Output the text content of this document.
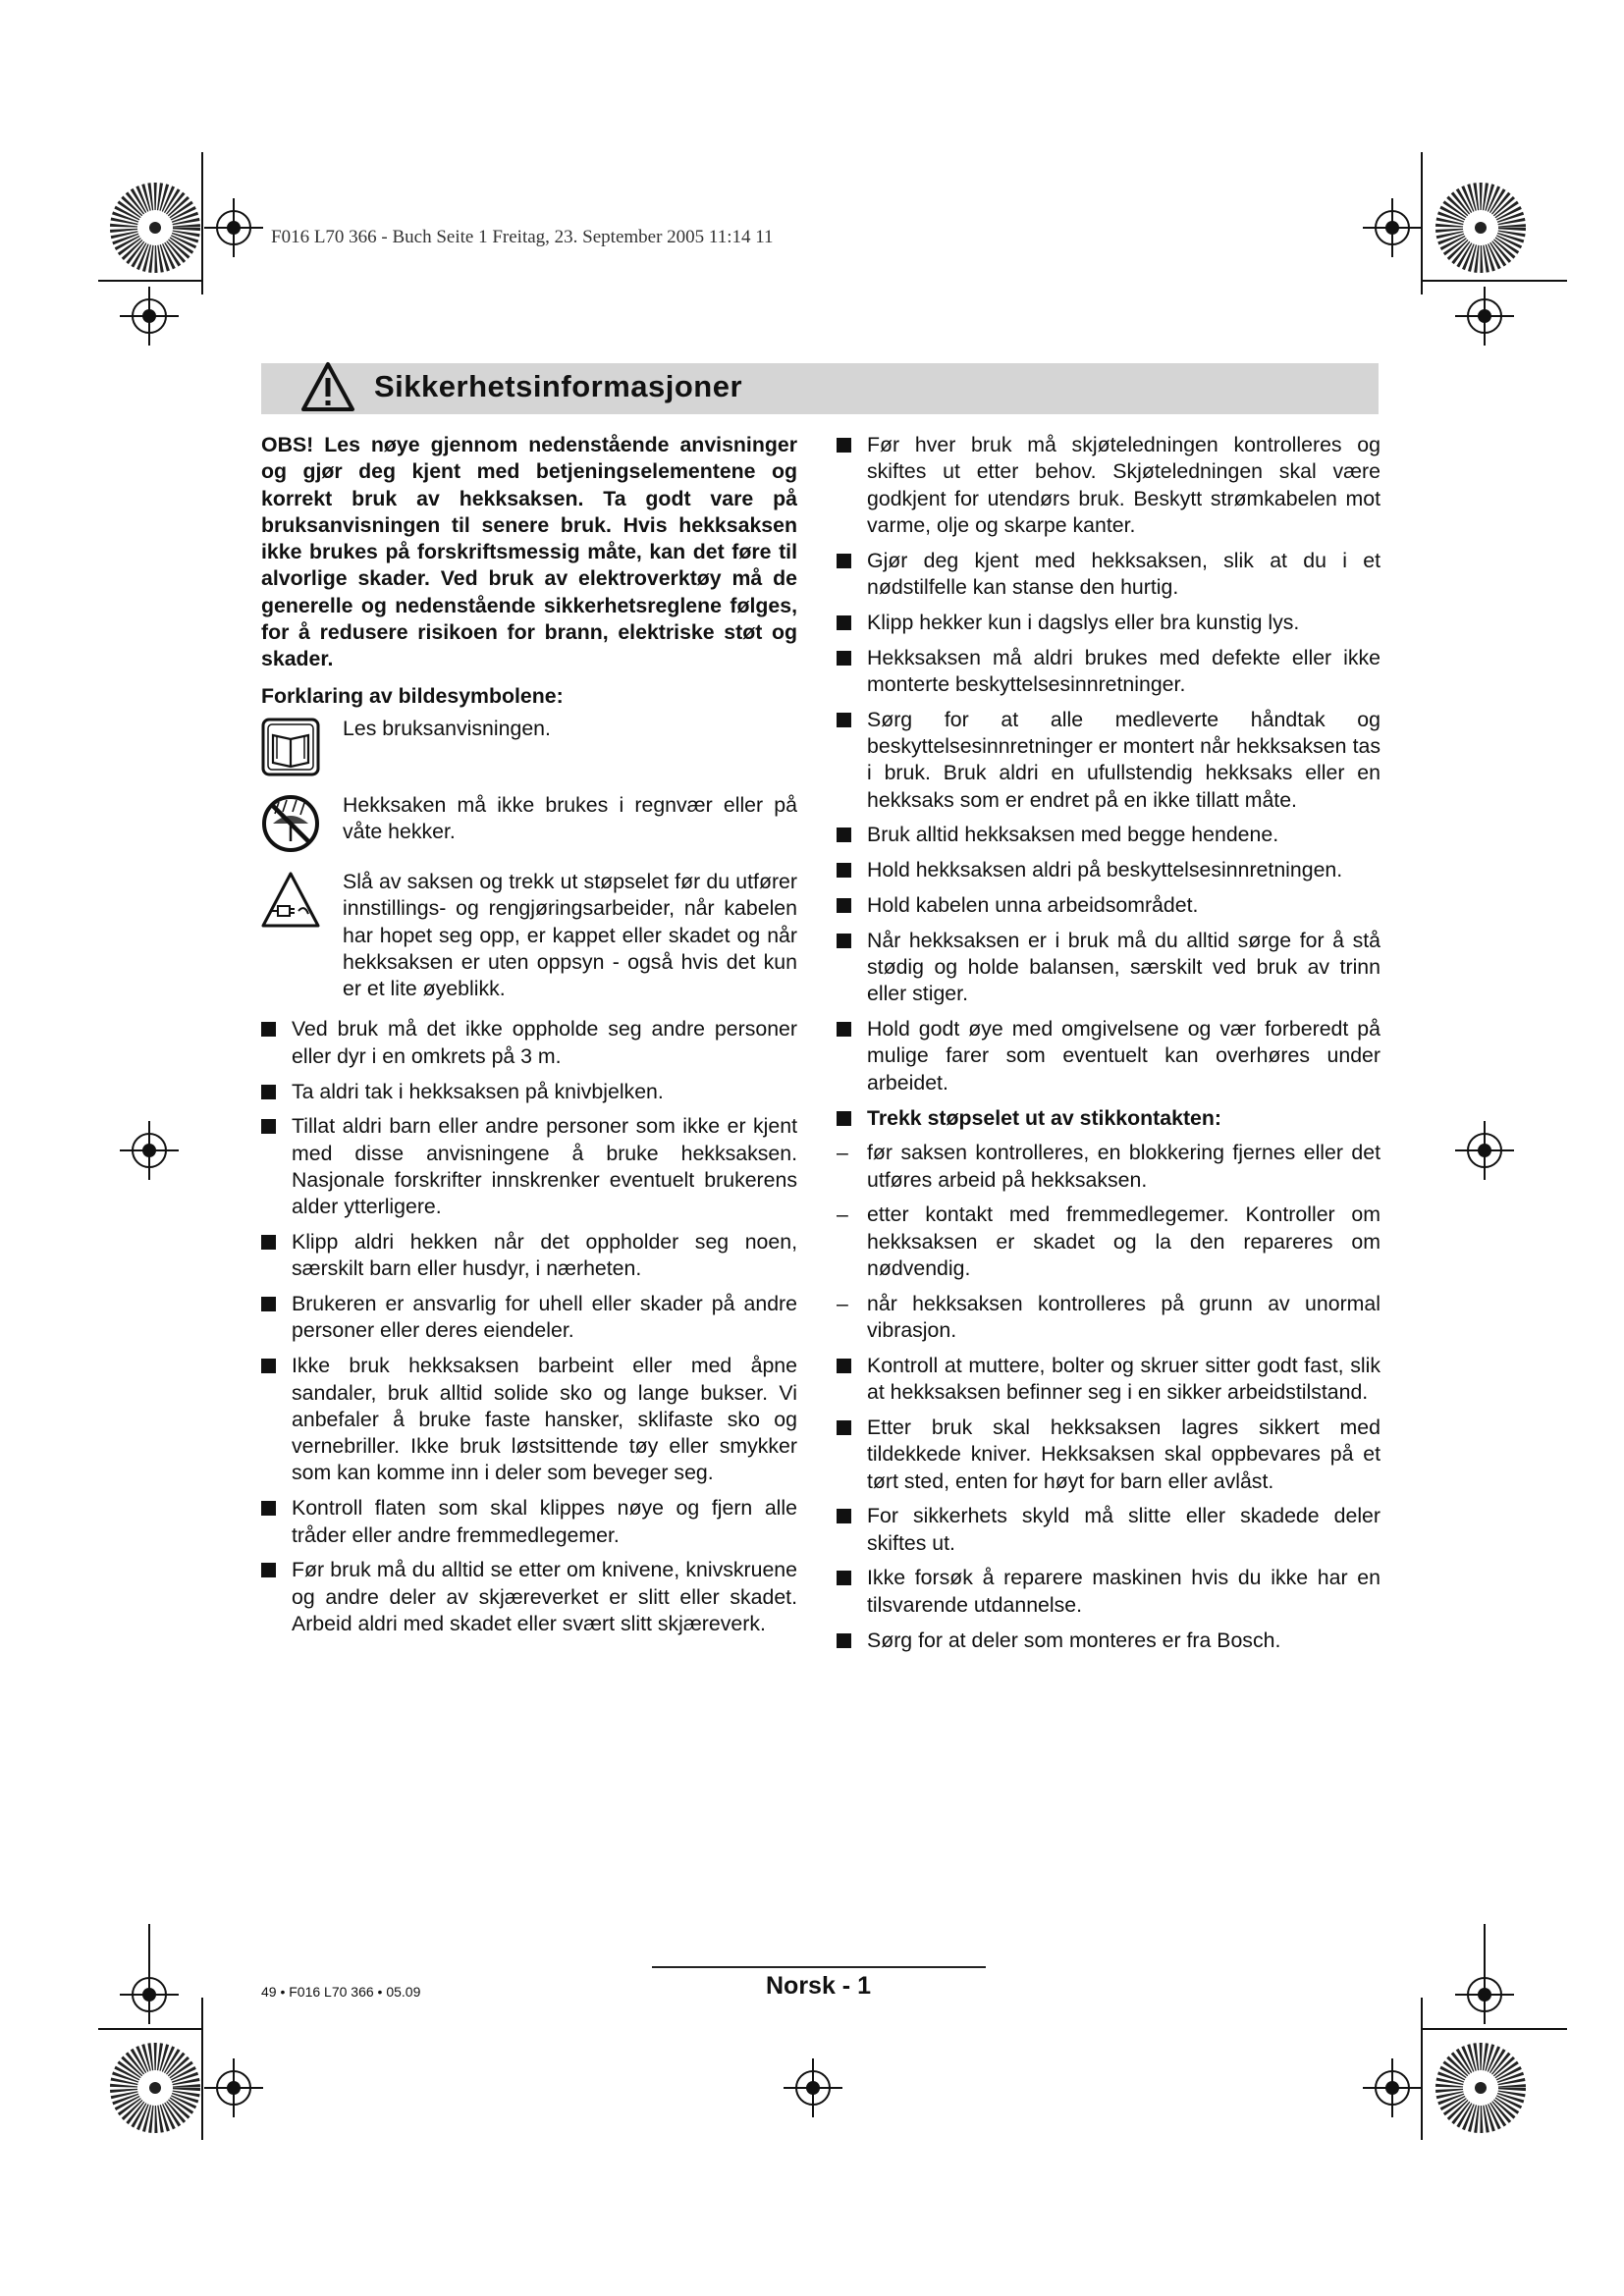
F016 L70 366 - Buch Seite 1 Freitag, 23. September 2005 11:14 11
Sikkerhetsinformasjoner

OBS! Les nøye gjennom nedenstående anvisninger og gjør deg kjent med betjeningselementene og korrekt bruk av hekksaksen. Ta godt vare på bruksanvisningen til senere bruk. Hvis hekksaksen ikke brukes på forskriftsmessig måte, kan det føre til alvorlige skader. Ved bruk av elektroverktøy må de generelle og nedenstående sikkerhetsreglene følges, for å redusere risikoen for brann, elektriske støt og skader.

Forklaring av bildesymbolene:
Les bruksanvisningen.
Hekksaken må ikke brukes i regnvær eller på våte hekker.
Slå av saksen og trekk ut støpselet før du utfører innstillings- og rengjøringsarbeider, når kabelen har hopet seg opp, er kappet eller skadet og når hekksaksen er uten oppsyn - også hvis det kun er et lite øyeblikk.
Ved bruk må det ikke oppholde seg andre personer eller dyr i en omkrets på 3 m.
Ta aldri tak i hekksaksen på knivbjelken.
Tillat aldri barn eller andre personer som ikke er kjent med disse anvisningene å bruke hekksaksen. Nasjonale forskrifter innskrenker eventuelt brukerens alder ytterligere.
Klipp aldri hekken når det oppholder seg noen, særskilt barn eller husdyr, i nærheten.
Brukeren er ansvarlig for uhell eller skader på andre personer eller deres eiendeler.
Ikke bruk hekksaksen barbeint eller med åpne sandaler, bruk alltid solide sko og lange bukser. Vi anbefaler å bruke faste hansker, sklifaste sko og vernebriller. Ikke bruk løstsittende tøy eller smykker som kan komme inn i deler som beveger seg.
Kontroll flaten som skal klippes nøye og fjern alle tråder eller andre fremmedlegemer.
Før bruk må du alltid se etter om knivene, knivskruene og andre deler av skjæreverket er slitt eller skadet. Arbeid aldri med skadet eller svært slitt skjæreverk.
Før hver bruk må skjøteledningen kontrolleres og skiftes ut etter behov. Skjøteledningen skal være godkjent for utendørs bruk. Beskytt strømkabelen mot varme, olje og skarpe kanter.
Gjør deg kjent med hekksaksen, slik at du i et nødstilfelle kan stanse den hurtig.
Klipp hekker kun i dagslys eller bra kunstig lys.
Hekksaksen må aldri brukes med defekte eller ikke monterte beskyttelsesinnretninger.
Sørg for at alle medleverte håndtak og beskyttelsesinnretninger er montert når hekksaksen tas i bruk. Bruk aldri en ufullstendig hekksaks eller en hekksaks som er endret på en ikke tillatt måte.
Bruk alltid hekksaksen med begge hendene.
Hold hekksaksen aldri på beskyttelsesinnretningen.
Hold kabelen unna arbeidsområdet.
Når hekksaksen er i bruk må du alltid sørge for å stå stødig og holde balansen, særskilt ved bruk av trinn eller stiger.
Hold godt øye med omgivelsene og vær forberedt på mulige farer som eventuelt kan overhøres under arbeidet.
Trekk støpselet ut av stikkontakten:
– før saksen kontrolleres, en blokkering fjernes eller det utføres arbeid på hekksaksen.
– etter kontakt med fremmedlegemer. Kontroller om hekksaksen er skadet og la den repareres om nødvendig.
– når hekksaksen kontrolleres på grunn av unormal vibrasjon.
Kontroll at muttere, bolter og skruer sitter godt fast, slik at hekksaksen befinner seg i en sikker arbeidstilstand.
Etter bruk skal hekksaksen lagres sikkert med tildekkede kniver. Hekksaksen skal oppbevares på et tørt sted, enten for høyt for barn eller avlåst.
For sikkerhets skyld må slitte eller skadede deler skiftes ut.
Ikke forsøk å reparere maskinen hvis du ikke har en tilsvarende utdannelse.
Sørg for at deler som monteres er fra Bosch.
49 • F016 L70 366 • 05.09	Norsk - 1
